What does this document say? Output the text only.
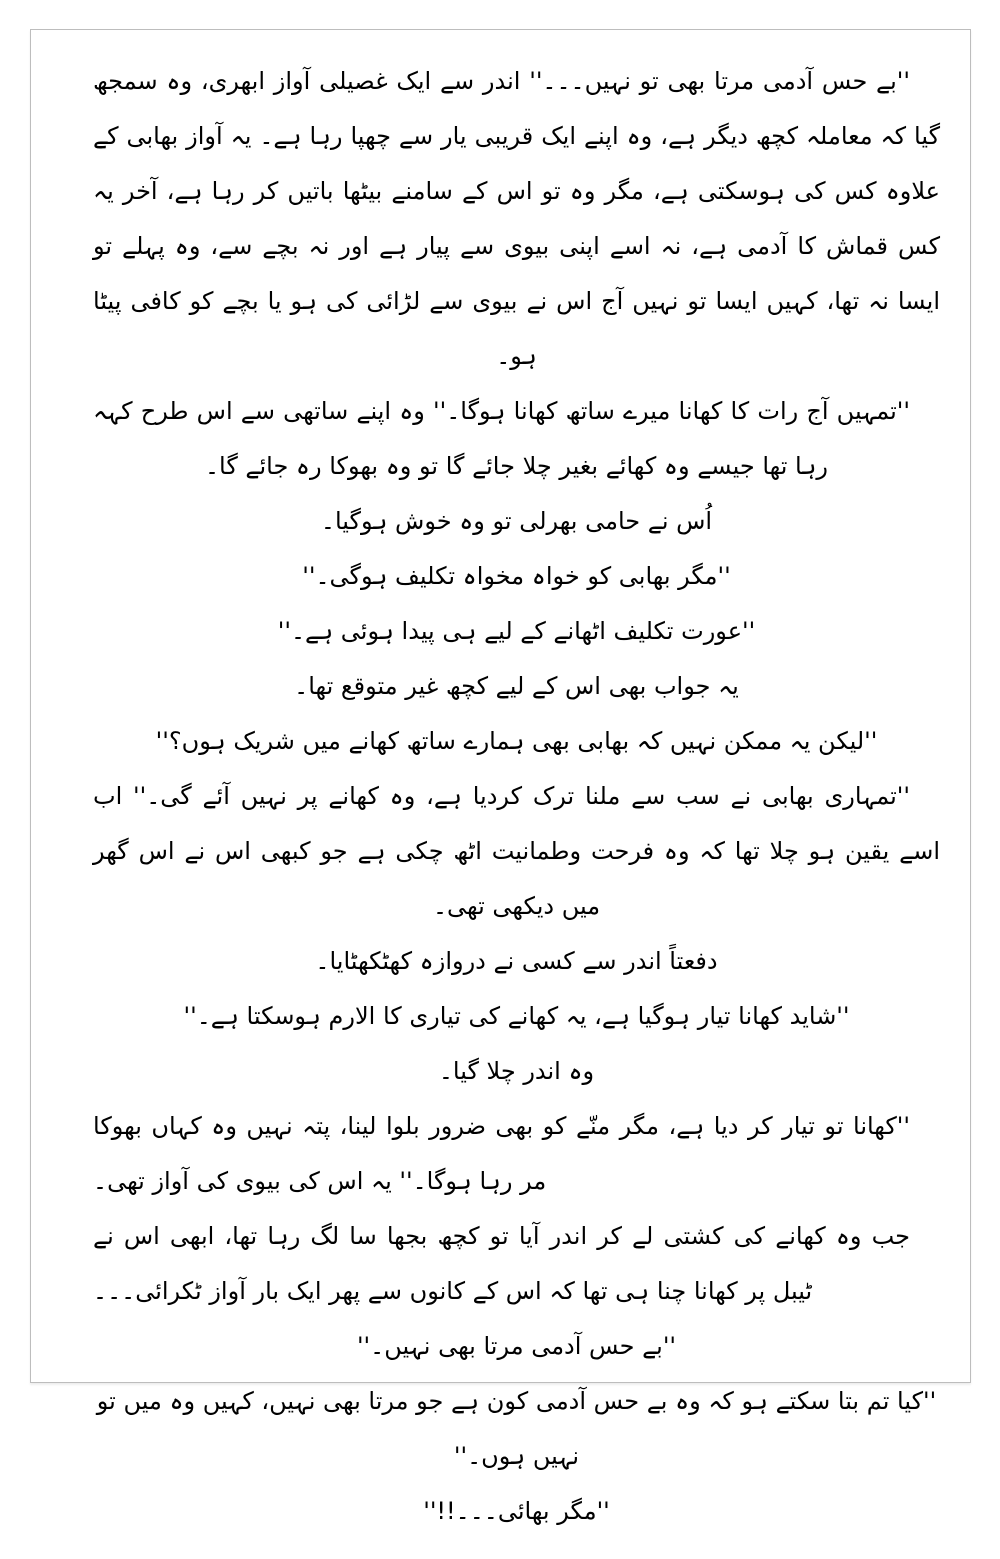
''بے حس آدمی مرتا بھی تو نہیں۔۔۔'' اندر سے ایک غصیلی آواز ابھری، وہ سمجھ گیا کہ معاملہ کچھ دیگر ہے، وہ اپنے ایک قریبی یار سے چھپا رہا ہے۔ یہ آواز بھابی کے علاوہ کس کی ہوسکتی ہے، مگر وہ تو اس کے سامنے بیٹھا باتیں کر رہا ہے، آخر یہ کس قماش کا آدمی ہے، نہ اسے اپنی بیوی سے پیار ہے اور نہ بچے سے، وہ پہلے تو ایسا نہ تھا، کہیں ایسا تو نہیں آج اس نے بیوی سے لڑائی کی ہو یا بچے کو کافی پیٹا ہو۔

''تمہیں آج رات کا کھانا میرے ساتھ کھانا ہوگا۔'' وہ اپنے ساتھی سے اس طرح کہہ رہا تھا جیسے وہ کھائے بغیر چلا جائے گا تو وہ بھوکا رہ جائے گا۔

اُس نے حامی بھرلی تو وہ خوش ہوگیا۔

''مگر بھابی کو خواہ مخواہ تکلیف ہوگی۔''

''عورت تکلیف اٹھانے کے لیے ہی پیدا ہوئی ہے۔''

یہ جواب بھی اس کے لیے کچھ غیر متوقع تھا۔

''لیکن یہ ممکن نہیں کہ بھابی بھی ہمارے ساتھ کھانے میں شریک ہوں؟''

''تمہاری بھابی نے سب سے ملنا ترک کردیا ہے، وہ کھانے پر نہیں آئے گی۔'' اب اسے یقین ہو چلا تھا کہ وہ فرحت وطمانیت اٹھ چکی ہے جو کبھی اس نے اس گھر میں دیکھی تھی۔

دفعتاً اندر سے کسی نے دروازہ کھٹکھٹایا۔

''شاید کھانا تیار ہوگیا ہے، یہ کھانے کی تیاری کا الارم ہوسکتا ہے۔''

وہ اندر چلا گیا۔

''کھانا تو تیار کر دیا ہے، مگر منّے کو بھی ضرور بلوا لینا، پتہ نہیں وہ کہاں بھوکا مر رہا ہوگا۔'' یہ اس کی بیوی کی آواز تھی۔

جب وہ کھانے کی کشتی لے کر اندر آیا تو کچھ بجھا سا لگ رہا تھا، ابھی اس نے ٹیبل پر کھانا چنا ہی تھا کہ اس کے کانوں سے پھر ایک بار آواز ٹکرائی۔۔۔

''بے حس آدمی مرتا بھی نہیں۔''

''کیا تم بتا سکتے ہو کہ وہ بے حس آدمی کون ہے جو مرتا بھی نہیں، کہیں وہ میں تو نہیں ہوں۔''

''مگر بھائی۔۔۔!!''
